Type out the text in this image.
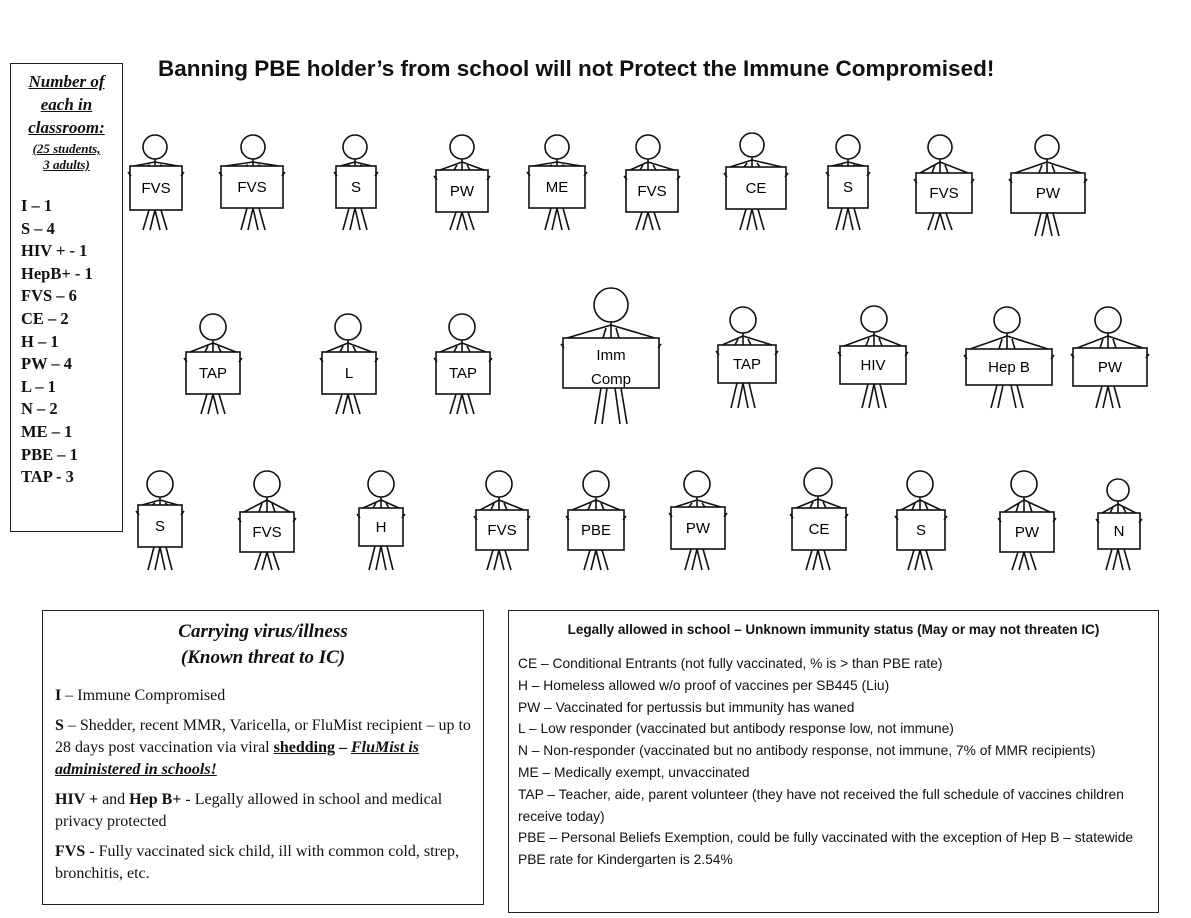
Banning PBE holder’s from school will not Protect the Immune Compromised!
Number of
each in
classroom:
(25 students,
3 adults)
I – 1
S – 4
HIV + - 1
HepB+ - 1
FVS – 6
CE – 2
H – 1
PW – 4
L – 1
N – 2
ME – 1
PBE – 1
TAP - 3
FVS	FVS	S	PW	ME	FVS	CE	S	FVS	PW
TAP	L	TAP
Imm
Comp
TAP	HIV	Hep B	PW
S	FVS	H	FVS	PBE	PW	CE	S	PW	N
Carrying virus/illness
(Known threat to IC)
I – Immune Compromised
S – Shedder, recent MMR, Varicella, or FluMist recipient – up to 28 days post vaccination via viral shedding – FluMist is administered in schools!
HIV + and Hep B+ - Legally allowed in school and medical privacy protected
FVS - Fully vaccinated sick child, ill with common cold, strep, bronchitis, etc.
Legally allowed in school – Unknown immunity status (May or may not threaten IC)
CE – Conditional Entrants (not fully vaccinated, % is > than PBE rate)
H – Homeless allowed w/o proof of vaccines per SB445 (Liu)
PW – Vaccinated for pertussis but immunity has waned
L – Low responder (vaccinated but antibody response low, not immune)
N – Non-responder (vaccinated but no antibody response, not immune, 7% of MMR recipients)
ME – Medically exempt, unvaccinated
TAP – Teacher, aide, parent volunteer (they have not received the full schedule of vaccines children receive today)
PBE – Personal Beliefs Exemption, could be fully vaccinated with the exception of Hep B – statewide PBE rate for Kindergarten is 2.54%
